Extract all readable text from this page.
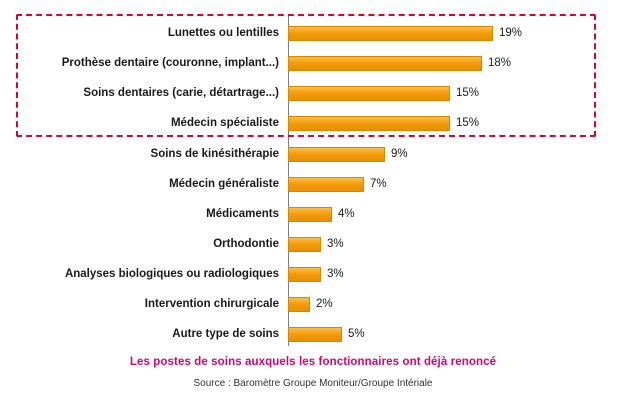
Lunettes ou lentilles	19%
Prothèse dentaire (couronne, implant...)	18%
Soins dentaires (carie, détartrage...)	15%
Médecin spécialiste	15%
Soins de kinésithérapie	9%
Médecin généraliste	7%
Médicaments	4%
Orthodontie	3%
Analyses biologiques ou radiologiques	3%
Intervention chirurgicale	2%
Autre type de soins	5%
Les postes de soins auxquels les fonctionnaires ont déjà renoncé
Source : Baromètre Groupe Moniteur/Groupe Intériale
